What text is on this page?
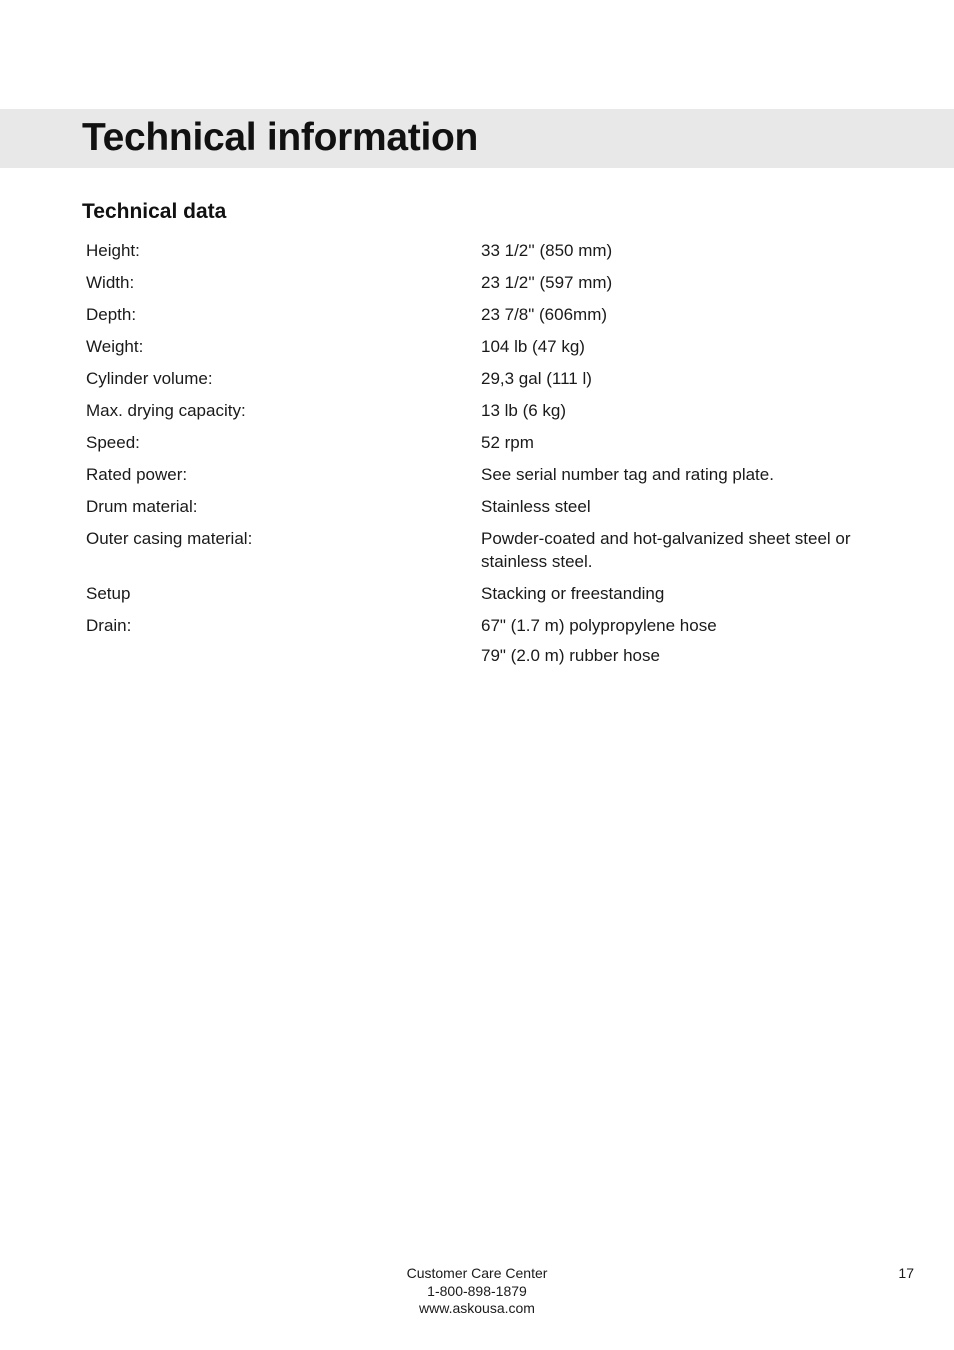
Technical information
Technical data
Height:	33 1/2'' (850 mm)
Width:	23 1/2'' (597 mm)
Depth:	23 7/8" (606mm)
Weight:	104 lb (47 kg)
Cylinder volume:	29,3 gal (111 l)
Max. drying capacity:	13 lb (6 kg)
Speed:	52 rpm
Rated power:	See serial number tag and rating plate.
Drum material:	Stainless steel
Outer casing material:	Powder-coated and hot-galvanized sheet steel or stainless steel.
Setup	Stacking or freestanding
Drain:	67" (1.7 m) polypropylene hose
79" (2.0 m) rubber hose
Customer Care Center
1-800-898-1879
www.askousa.com
17
